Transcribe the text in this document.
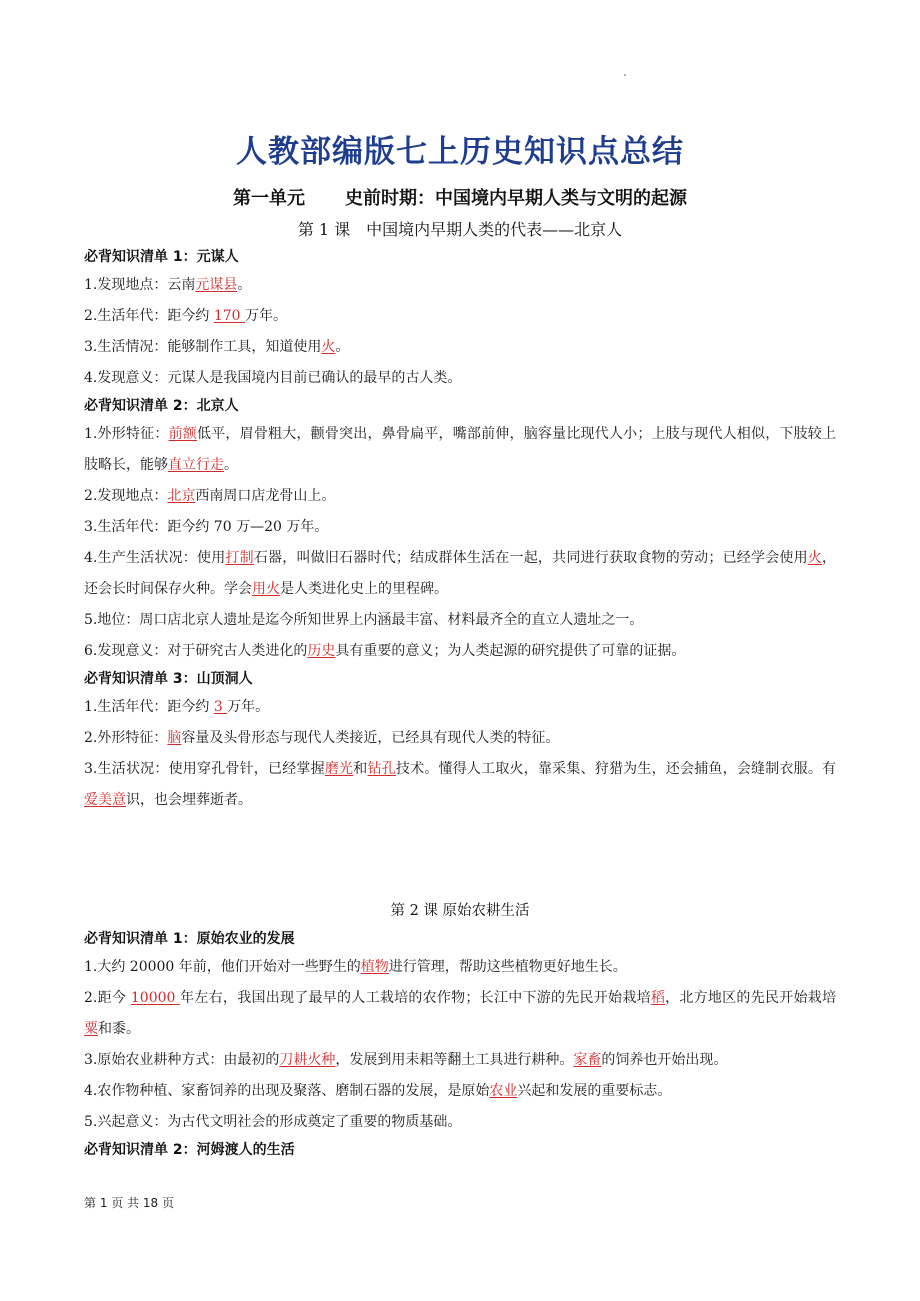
人教部编版七上历史知识点总结
第一单元 史前时期：中国境内早期人类与文明的起源
第 1 课　中国境内早期人类的代表——北京人
必背知识清单 1：元谋人
1.发现地点：云南元谋县。
2.生活年代：距今约 170 万年。
3.生活情况：能够制作工具，知道使用火。
4.发现意义：元谋人是我国境内目前已确认的最早的古人类。
必背知识清单 2：北京人
1.外形特征：前额低平，眉骨粗大，颧骨突出，鼻骨扁平，嘴部前伸，脑容量比现代人小；上肢与现代人相似，下肢较上肢略长，能够直立行走。
2.发现地点：北京西南周口店龙骨山上。
3.生活年代：距今约 70 万—20 万年。
4.生产生活状况：使用打制石器，叫做旧石器时代；结成群体生活在一起，共同进行获取食物的劳动；已经学会使用火，还会长时间保存火种。学会用火是人类进化史上的里程碑。
5.地位：周口店北京人遗址是迄今所知世界上内涵最丰富、材料最齐全的直立人遗址之一。
6.发现意义：对于研究古人类进化的历史具有重要的意义；为人类起源的研究提供了可靠的证据。
必背知识清单 3：山顶洞人
1.生活年代：距今约 3 万年。
2.外形特征：脑容量及头骨形态与现代人类接近，已经具有现代人类的特征。
3.生活状况：使用穿孔骨针，已经掌握磨光和钻孔技术。懂得人工取火，靠采集、狩猎为生，还会捕鱼，会缝制衣服。有爱美意识，也会埋葬逝者。
第 2 课 原始农耕生活
必背知识清单 1：原始农业的发展
1.大约 20000 年前，他们开始对一些野生的植物进行管理，帮助这些植物更好地生长。
2.距今 10000 年左右，我国出现了最早的人工栽培的农作物；长江中下游的先民开始栽培稻，北方地区的先民开始栽培粟和黍。
3.原始农业耕种方式：由最初的刀耕火种，发展到用耒耜等翻土工具进行耕种。家畜的饲养也开始出现。
4.农作物种植、家畜饲养的出现及聚落、磨制石器的发展，是原始农业兴起和发展的重要标志。
5.兴起意义：为古代文明社会的形成奠定了重要的物质基础。
必背知识清单 2：河姆渡人的生活
第 1 页 共 18 页
